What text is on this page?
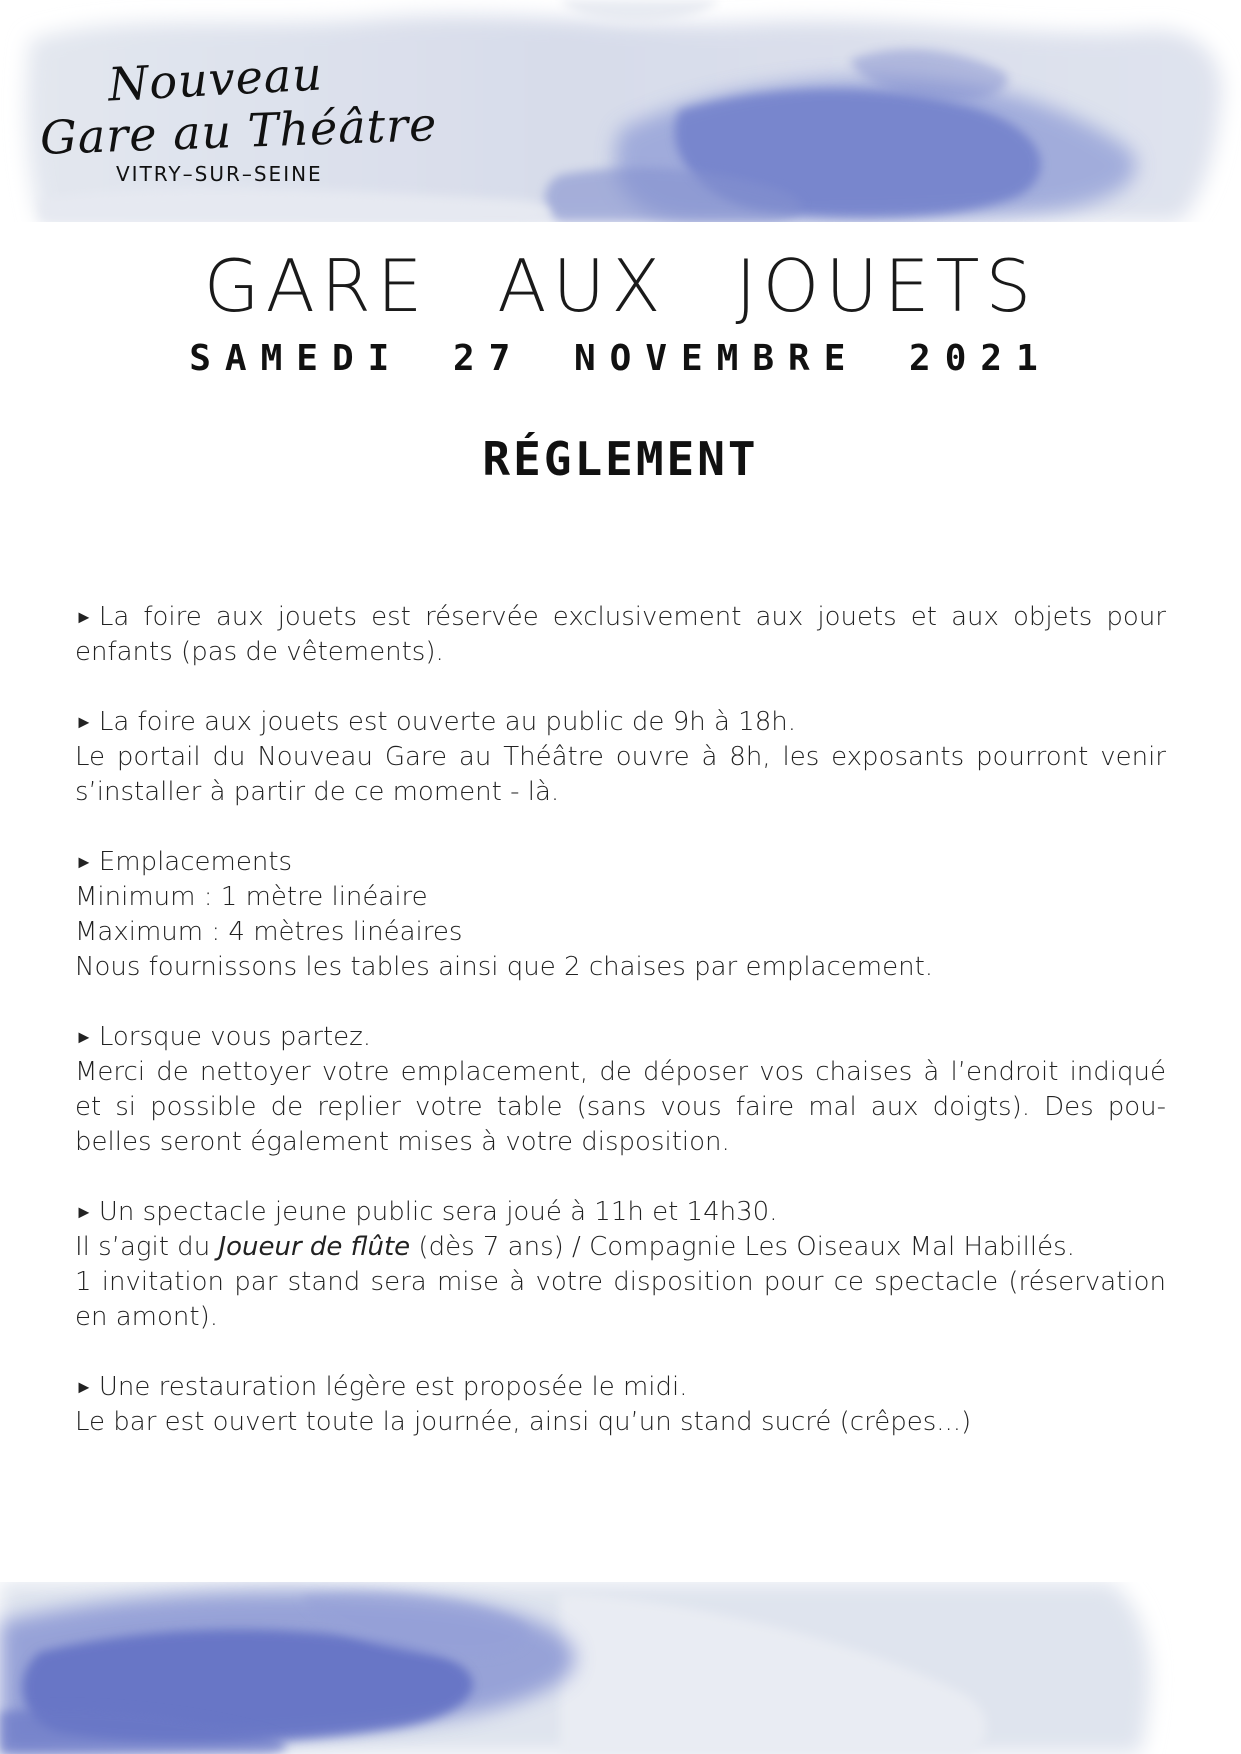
Nouveau
Gare au Théâtre
VITRY–SUR–SEINE
GARE AUX JOUETS
SAMEDI 27 NOVEMBRE 2021
RÉGLEMENT

► La foire aux jouets est réservée exclusivement aux jouets et aux objets pour
enfants (pas de vêtements).

► La foire aux jouets est ouverte au public de 9h à 18h.
Le portail du Nouveau Gare au Théâtre ouvre à 8h, les exposants pourront venir
s’installer à partir de ce moment - là.

► Emplacements
Minimum : 1 mètre linéaire
Maximum : 4 mètres linéaires
Nous fournissons les tables ainsi que 2 chaises par emplacement.

► Lorsque vous partez.
Merci de nettoyer votre emplacement, de déposer vos chaises à l’endroit indiqué
et si possible de replier votre table (sans vous faire mal aux doigts). Des pou-
belles seront également mises à votre disposition.

► Un spectacle jeune public sera joué à 11h et 14h30.
Il s’agit du Joueur de flûte (dès 7 ans) / Compagnie Les Oiseaux Mal Habillés.
1 invitation par stand sera mise à votre disposition pour ce spectacle (réservation
en amont).

► Une restauration légère est proposée le midi.
Le bar est ouvert toute la journée, ainsi qu’un stand sucré (crêpes...)
